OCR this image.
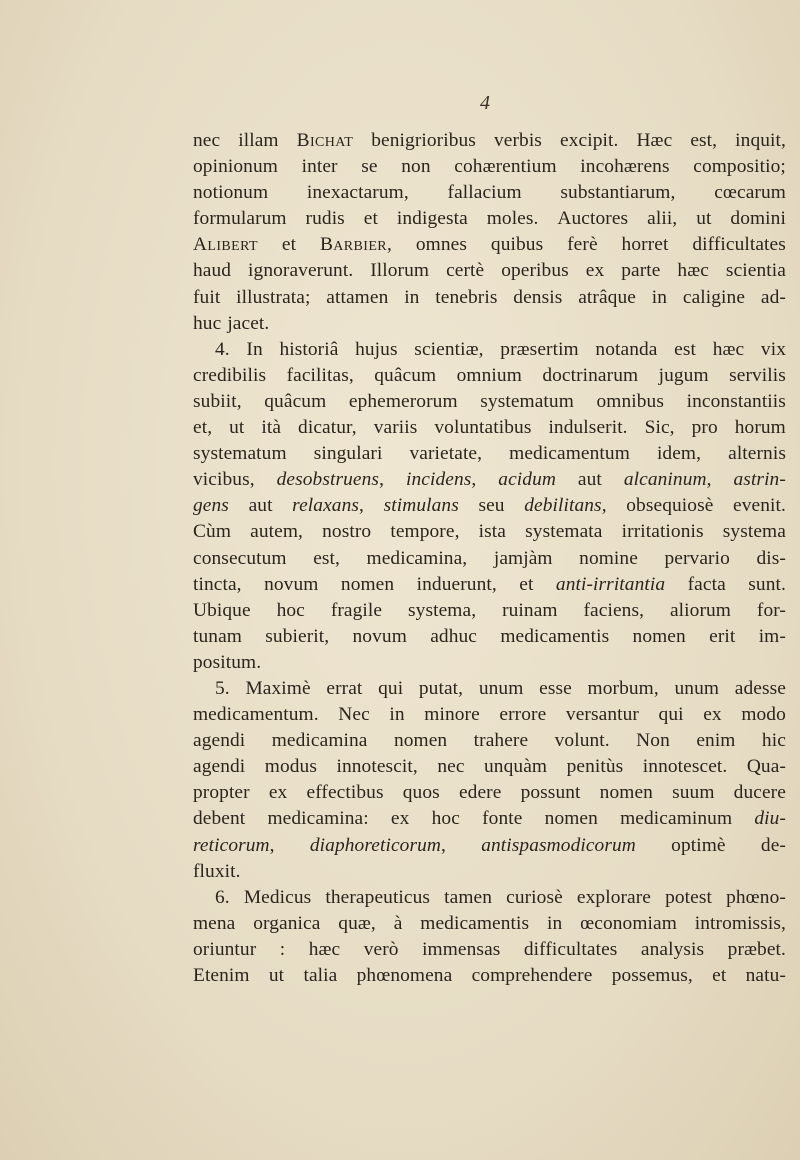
4
nec illam Bichat benigrioribus verbis excipit. Hæc est, inquit,
opinionum inter se non cohærentium incohærens compositio;
notionum inexactarum, fallacium substantiarum, cœcarum
formularum rudis et indigesta moles. Auctores alii, ut domini
Alibert et Barbier, omnes quibus ferè horret difficultates
haud ignoraverunt. Illorum certè operibus ex parte hæc scientia
fuit illustrata; attamen in tenebris densis atrâque in caligine ad-
huc jacet.
4. In historiâ hujus scientiæ, præsertim notanda est hæc vix
credibilis facilitas, quâcum omnium doctrinarum jugum servilis
subiit, quâcum ephemerorum systematum omnibus inconstantiis
et, ut ità dicatur, variis voluntatibus indulserit. Sic, pro horum
systematum singulari varietate, medicamentum idem, alternis
vicibus, desobstruens, incidens, acidum aut alcaninum, astrin-
gens aut relaxans, stimulans seu debilitans, obsequiosè evenit.
Cùm autem, nostro tempore, ista systemata irritationis systema
consecutum est, medicamina, jamjàm nomine pervario dis-
tincta, novum nomen induerunt, et anti-irritantia facta sunt.
Ubique hoc fragile systema, ruinam faciens, aliorum for-
tunam subierit, novum adhuc medicamentis nomen erit im-
positum.
5. Maximè errat qui putat, unum esse morbum, unum adesse
medicamentum. Nec in minore errore versantur qui ex modo
agendi medicamina nomen trahere volunt. Non enim hic
agendi modus innotescit, nec unquàm penitùs innotescet. Qua-
propter ex effectibus quos edere possunt nomen suum ducere
debent medicamina: ex hoc fonte nomen medicaminum diu-
reticorum, diaphoreticorum, antispasmodicorum optimè de-
fluxit.
6. Medicus therapeuticus tamen curiosè explorare potest phœno-
mena organica quæ, à medicamentis in œconomiam intromissis,
oriuntur : hæc verò immensas difficultates analysis præbet.
Etenim ut talia phœnomena comprehendere possemus, et natu-
